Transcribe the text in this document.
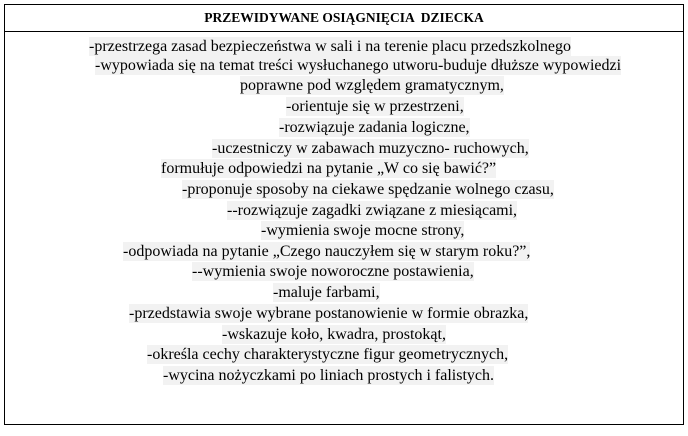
PRZEWIDYWANE OSIĄGNIĘCIA  DZIECKA
-przestrzega zasad bezpieczeństwa w sali i na terenie placu przedszkolnego
-wypowiada się na temat treści wysłuchanego utworu-buduje dłuższe wypowiedzi
poprawne pod względem gramatycznym,
-orientuje się w przestrzeni,
-rozwiązuje zadania logiczne,
-uczestniczy w zabawach muzyczno- ruchowych,
formułuje odpowiedzi na pytanie „W co się bawić?”
-proponuje sposoby na ciekawe spędzanie wolnego czasu,
--rozwiązuje zagadki związane z miesiącami,
-wymienia swoje mocne strony,
-odpowiada na pytanie „Czego nauczyłem się w starym roku?”,
--wymienia swoje noworoczne postawienia,
-maluje farbami,
-przedstawia swoje wybrane postanowienie w formie obrazka,
-wskazuje koło, kwadra, prostokąt,
-określa cechy charakterystyczne figur geometrycznych,
-wycina nożyczkami po liniach prostych i falistych.
